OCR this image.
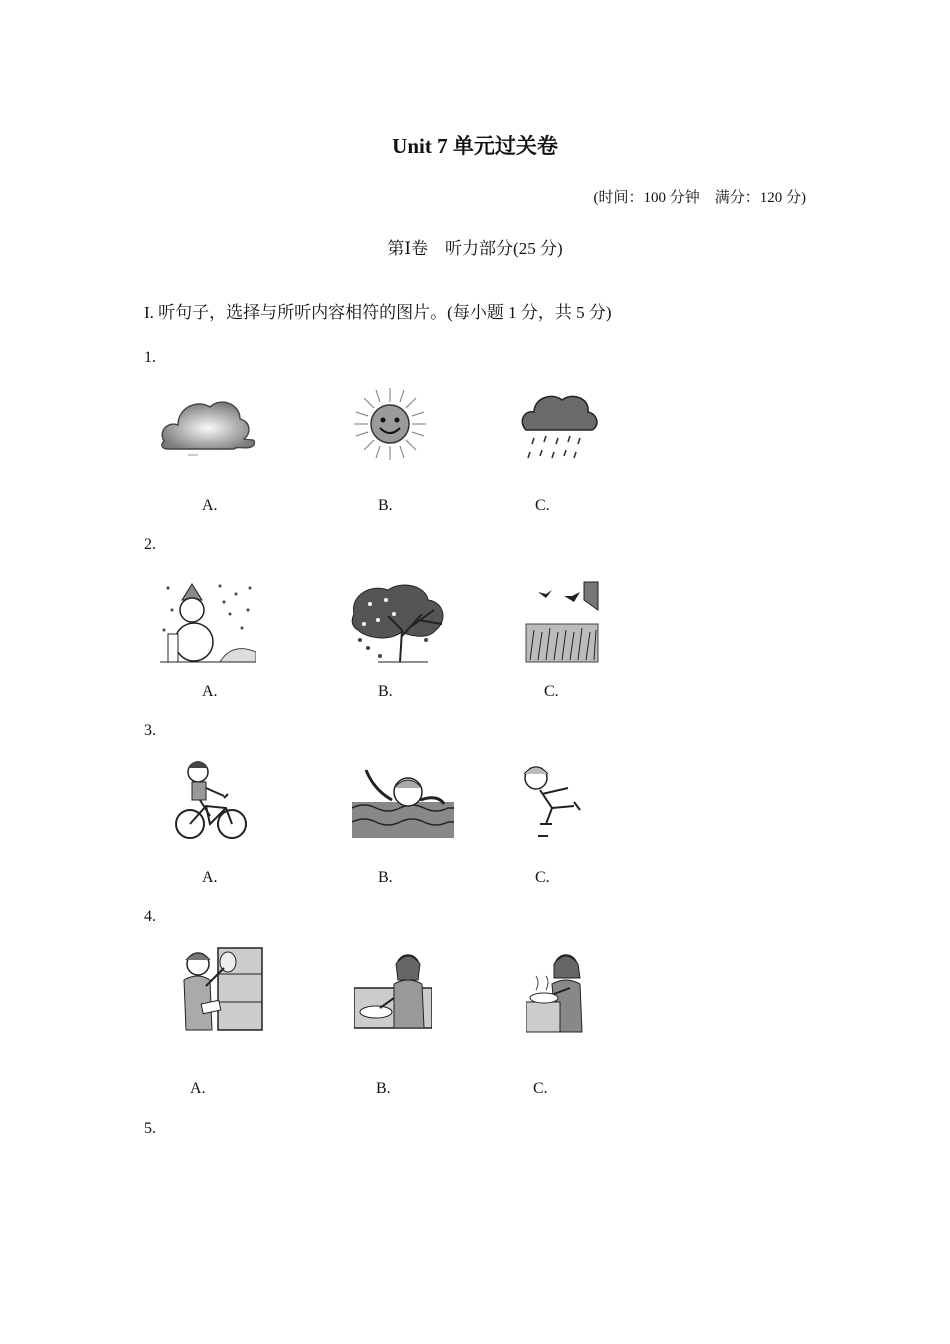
Unit 7 单元过关卷
(时间：100 分钟　满分：120 分)
第Ⅰ卷　听力部分(25 分)
I. 听句子，选择与所听内容相符的图片。(每小题 1 分，共 5 分)
1.
A.	B.	C.
2.
A.	B.	C.
3.
A.	B.	C.
4.
A.	B.	C.
5.
